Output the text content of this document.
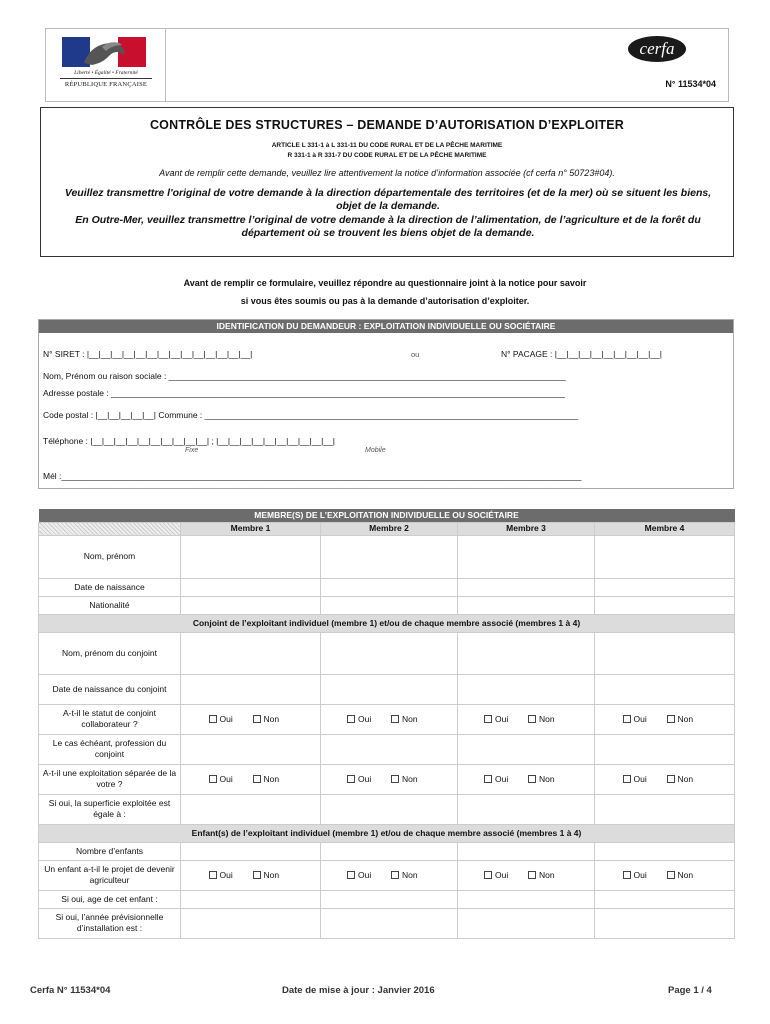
Liberté • Égalité • Fraternité
RÉPUBLIQUE FRANÇAISE
cerfa
N° 11534*04
CONTRÔLE DES STRUCTURES – DEMANDE D’AUTORISATION D’EXPLOITER
ARTICLE L 331-1 à L 331-11 DU CODE RURAL ET DE LA PÊCHE MARITIME
R 331-1 à R 331-7 DU CODE RURAL ET DE LA PÊCHE MARITIME
Avant de remplir cette demande, veuillez lire attentivement la notice d’information associée (cf cerfa n° 50723#04).
Veuillez transmettre l'original de votre demande à la direction départementale des territoires (et de la mer) où se situent les biens, objet de la demande.
En Outre-Mer, veuillez transmettre l’original de votre demande à la direction de l’alimentation, de l’agriculture et de la forêt du département où se trouvent les biens objet de la demande.
Avant de remplir ce formulaire, veuillez répondre au questionnaire joint à la notice pour savoir
si vous êtes soumis ou pas à la demande d’autorisation d’exploiter.
IDENTIFICATION DU DEMANDEUR : EXPLOITATION INDIVIDUELLE OU SOCIÉTAIRE
N° SIRET : |__|__|__|__|__|__|__|__|__|__|__|__|__|__|	ou	N° PACAGE : |__|__|__|__|__|__|__|__|__|
Nom, Prénom ou raison sociale : ____________________________________________________________________________________
Adresse postale : ________________________________________________________________________________________________
Code postal : |__|__|__|__|__| Commune : _______________________________________________________________________________
Téléphone : |__|__|__|__|__|__|__|__|__|__| ; |__|__|__|__|__|__|__|__|__|__|
Fixe	Mobile
Mél :______________________________________________________________________________________________________________
MEMBRE(S) DE L’EXPLOITATION INDIVIDUELLE OU SOCIÉTAIRE				
	Membre 1	Membre 2	Membre 3	Membre 4
Nom, prénom				
Date de naissance				
Nationalité				
Conjoint de l’exploitant individuel (membre 1) et/ou de chaque membre associé (membres 1 à 4)				
Nom, prénom du conjoint				
Date de naissance du conjoint				
A-t-il le statut de conjoint collaborateur ?	Oui Non	Oui Non	Oui Non	Oui Non
Le cas échéant, profession du conjoint				
A-t-il une exploitation séparée de la votre ?	Oui Non	Oui Non	Oui Non	Oui Non
Si oui, la superficie exploitée est égale à :				
Enfant(s) de l’exploitant individuel (membre 1) et/ou de chaque membre associé (membres 1 à 4)				
Nombre d’enfants				
Un enfant a-t-il le projet de devenir agriculteur	Oui Non	Oui Non	Oui Non	Oui Non
Si oui, age de cet enfant :				
Si oui, l’année prévisionnelle d’installation est :				
Cerfa N° 11534*04	Date de mise à jour : Janvier 2016	Page 1 / 4
